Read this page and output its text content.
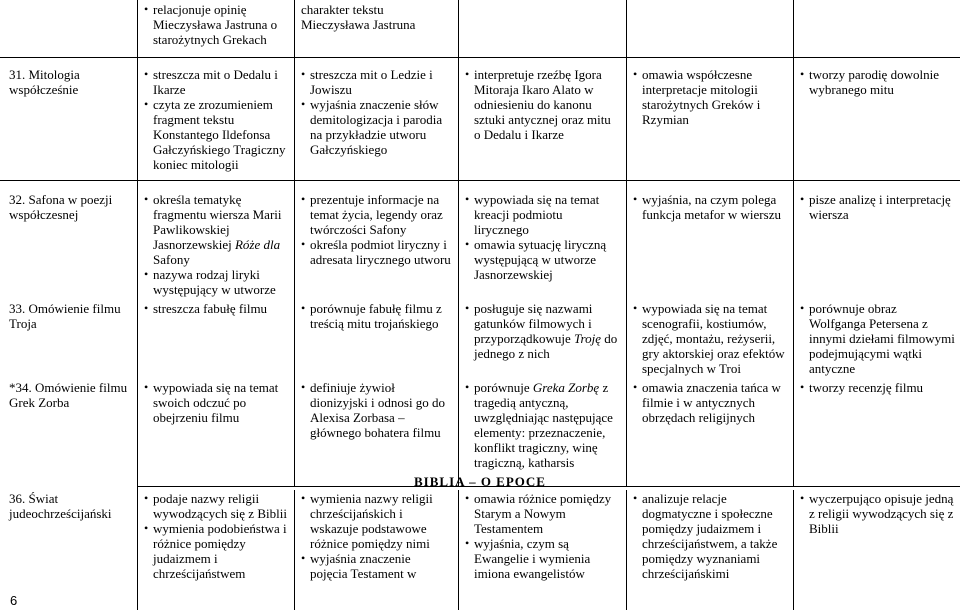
• relacjonuje opinię Mieczysława Jastruna o starożytnych Grekach
charakter tekstu Mieczysława Jastruna
31. Mitologia współcześnie
• streszcza mit o Dedalu i Ikarze
• czyta ze zrozumieniem fragment tekstu Konstantego Ildefonsa Gałczyńskiego Tragiczny koniec mitologii
• streszcza mit o Ledzie i Jowiszu
• wyjaśnia znaczenie słów demitologizacja i parodia na przykładzie utworu Gałczyńskiego
• interpretuje rzeźbę Igora Mitoraja Ikaro Alato w odniesieniu do kanonu sztuki antycznej oraz mitu o Dedalu i Ikarze
• omawia współczesne interpretacje mitologii starożytnych Greków i Rzymian
• tworzy parodię dowolnie wybranego mitu
32. Safona w poezji współczesnej
• określa tematykę fragmentu wiersza Marii Pawlikowskiej Jasnorzewskiej Róże dla Safony
• nazywa rodzaj liryki występujący w utworze
• prezentuje informacje na temat życia, legendy oraz twórczości Safony
• określa podmiot liryczny i adresata lirycznego utworu
• wypowiada się na temat kreacji podmiotu lirycznego
• omawia sytuację liryczną występującą w utworze Jasnorzewskiej
• wyjaśnia, na czym polega funkcja metafor w wierszu
• pisze analizę i interpretację wiersza
33. Omówienie filmu Troja
• streszcza fabułę filmu
•	porównuje fabułę filmu z treścią mitu trojańskiego
• posługuje się nazwami gatunków filmowych i przyporządkowuje Troję do jednego z nich
• wypowiada się na temat scenografii, kostiumów, zdjęć, montażu, reżyserii, gry aktorskiej oraz efektów specjalnych w Troi
• porównuje obraz Wolfganga Petersena z innymi dziełami filmowymi podejmującymi wątki antyczne
*34. Omówienie filmu Grek Zorba
• wypowiada się na temat swoich odczuć po obejrzeniu filmu
• definiuje żywioł dionizyjski i odnosi go do Alexisa Zorbasa – głównego bohatera filmu
• porównuje Greka Zorbę z tragedią antyczną, uwzględniając następujące elementy: przeznaczenie, konflikt tragiczny, winę tragiczną, katharsis
• omawia znaczenia tańca w filmie i w antycznych obrzędach religijnych
• tworzy recenzję filmu
BIBLIA – O EPOCE
36. Świat judeochrześcijański
• podaje nazwy religii wywodzących się z Biblii
• wymienia podobieństwa i różnice pomiędzy judaizmem i chrześcijaństwem
• wymienia nazwy religii chrześcijańskich i wskazuje podstawowe różnice pomiędzy nimi
• wyjaśnia znaczenie pojęcia Testament w
• omawia różnice pomiędzy Starym a Nowym Testamentem
• wyjaśnia, czym są Ewangelie i wymienia imiona ewangelistów
• analizuje relacje dogmatyczne i społeczne pomiędzy judaizmem i chrześcijaństwem, a także pomiędzy wyznaniami chrześcijańskimi
• wyczerpująco opisuje jedną z religii wywodzących się z Biblii
6
